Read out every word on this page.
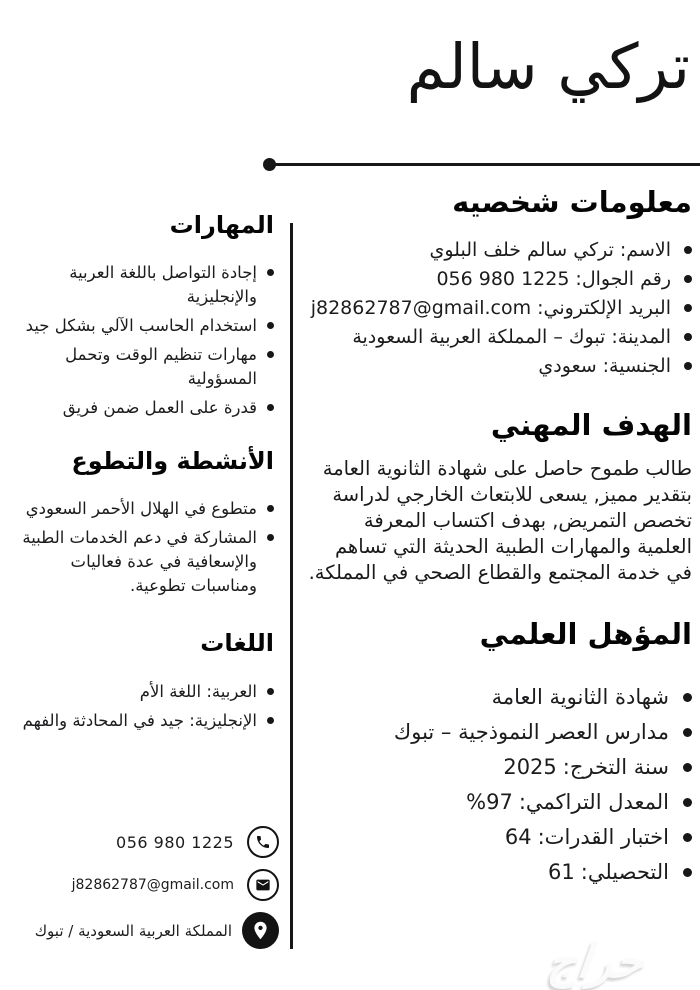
تركي سالم
معلومات شخصيه
الاسم:تركي سالم خلف البلوي
رقم الجوال:056 980 1225
البريد الإلكتروني:j82862787@gmail.com
المدينة:تبوك – المملكة العربية السعودية
الجنسية:سعودي
الهدف المهني

طالب طموح حاصل على شهادة الثانوية العامة بتقدير مميز, يسعى للابتعاث الخارجي لدراسة تخصص التمريض, بهدف اكتساب المعرفة العلمية والمهارات الطبية الحديثة التي تساهم في خدمة المجتمع والقطاع الصحي في المملكة.

المؤهل العلمي
شهادة الثانوية العامة
مدارس العصر النموذجية – تبوك
سنة التخرج:2025
المعدل التراكمي:%97
اختبار القدرات:64
التحصيلي:61
المهارات
إجادة التواصل باللغة العربية والإنجليزية
استخدام الحاسب الآلي بشكل جيد
مهارات تنظيم الوقت وتحمل المسؤولية
قدرة على العمل ضمن فريق
الأنشطة والتطوع
متطوع في الهلال الأحمر السعودي
المشاركة في دعم الخدمات الطبية والإسعافية في عدة فعاليات ومناسبات تطوعية.
اللغات
العربية: اللغة الأم
الإنجليزية: جيد في المحادثة والفهم
056 980 1225
j82862787@gmail.com
المملكة العربية السعودية / تبوك
حراج
